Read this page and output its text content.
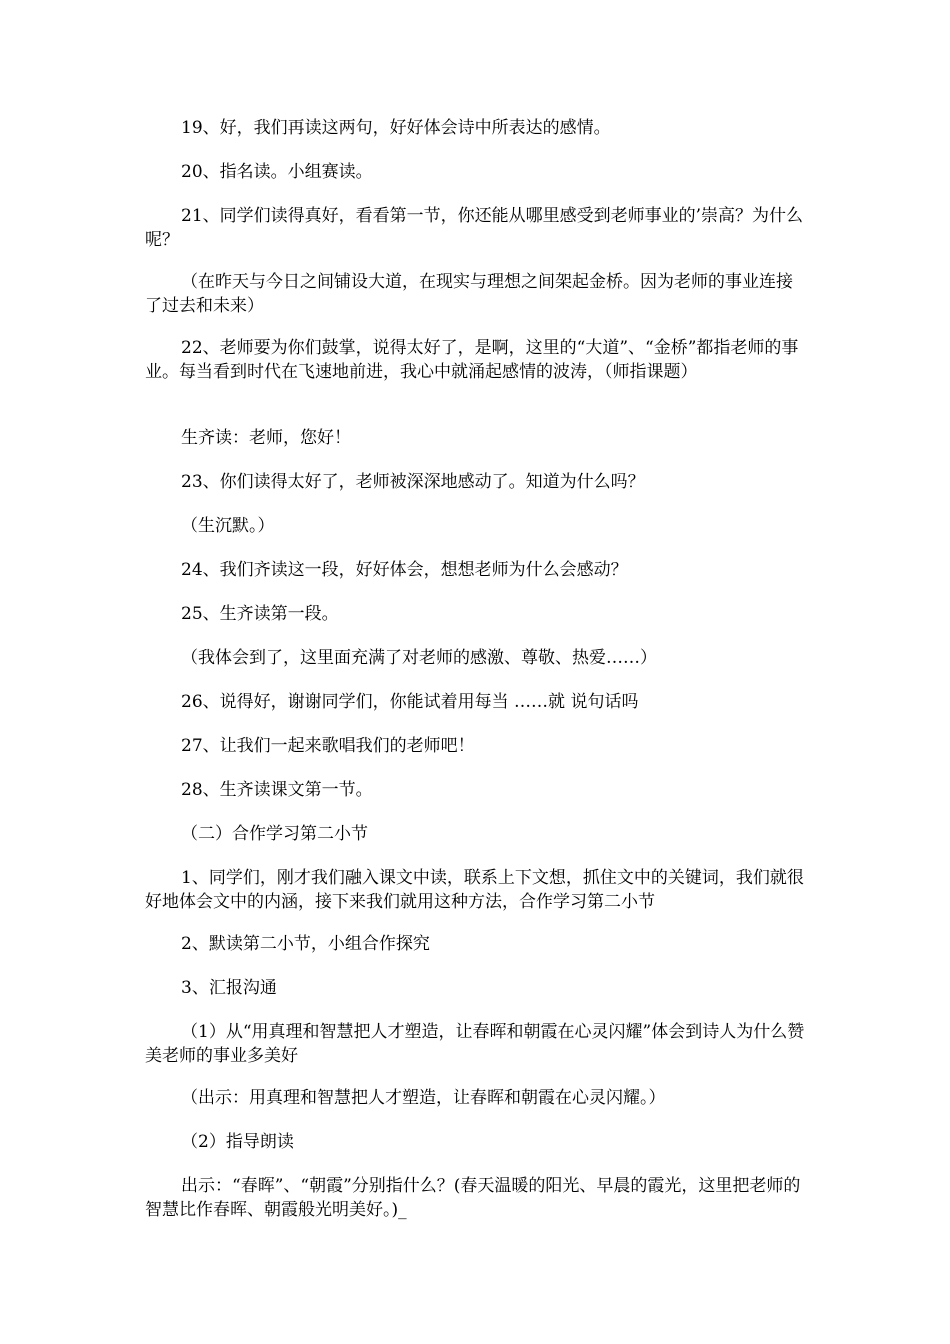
19、好，我们再读这两句，好好体会诗中所表达的感情。

20、指名读。小组赛读。

21、同学们读得真好，看看第一节，你还能从哪里感受到老师事业的’崇高？为什么呢？

（在昨天与今日之间铺设大道，在现实与理想之间架起金桥。因为老师的事业连接了过去和未来）

22、老师要为你们鼓掌，说得太好了，是啊，这里的“大道”、“金桥”都指老师的事业。每当看到时代在飞速地前进，我心中就涌起感情的波涛，（师指课题）

生齐读：老师，您好！

23、你们读得太好了，老师被深深地感动了。知道为什么吗？

（生沉默。）

24、我们齐读这一段，好好体会，想想老师为什么会感动？

25、生齐读第一段。

（我体会到了，这里面充满了对老师的感激、尊敬、热爱……）

26、说得好，谢谢同学们，你能试着用每当 ……就 说句话吗

27、让我们一起来歌唱我们的老师吧！

28、生齐读课文第一节。

（二）合作学习第二小节

1、同学们，刚才我们融入课文中读，联系上下文想，抓住文中的关键词，我们就很好地体会文中的内涵，接下来我们就用这种方法，合作学习第二小节

2、默读第二小节，小组合作探究

3、汇报沟通

（1）从“用真理和智慧把人才塑造，让春晖和朝霞在心灵闪耀”体会到诗人为什么赞美老师的事业多美好

（出示：用真理和智慧把人才塑造，让春晖和朝霞在心灵闪耀。）

（2）指导朗读

出示：“春晖”、“朝霞”分别指什么？(春天温暖的阳光、早晨的霞光，这里把老师的智慧比作春晖、朝霞般光明美好。)_
